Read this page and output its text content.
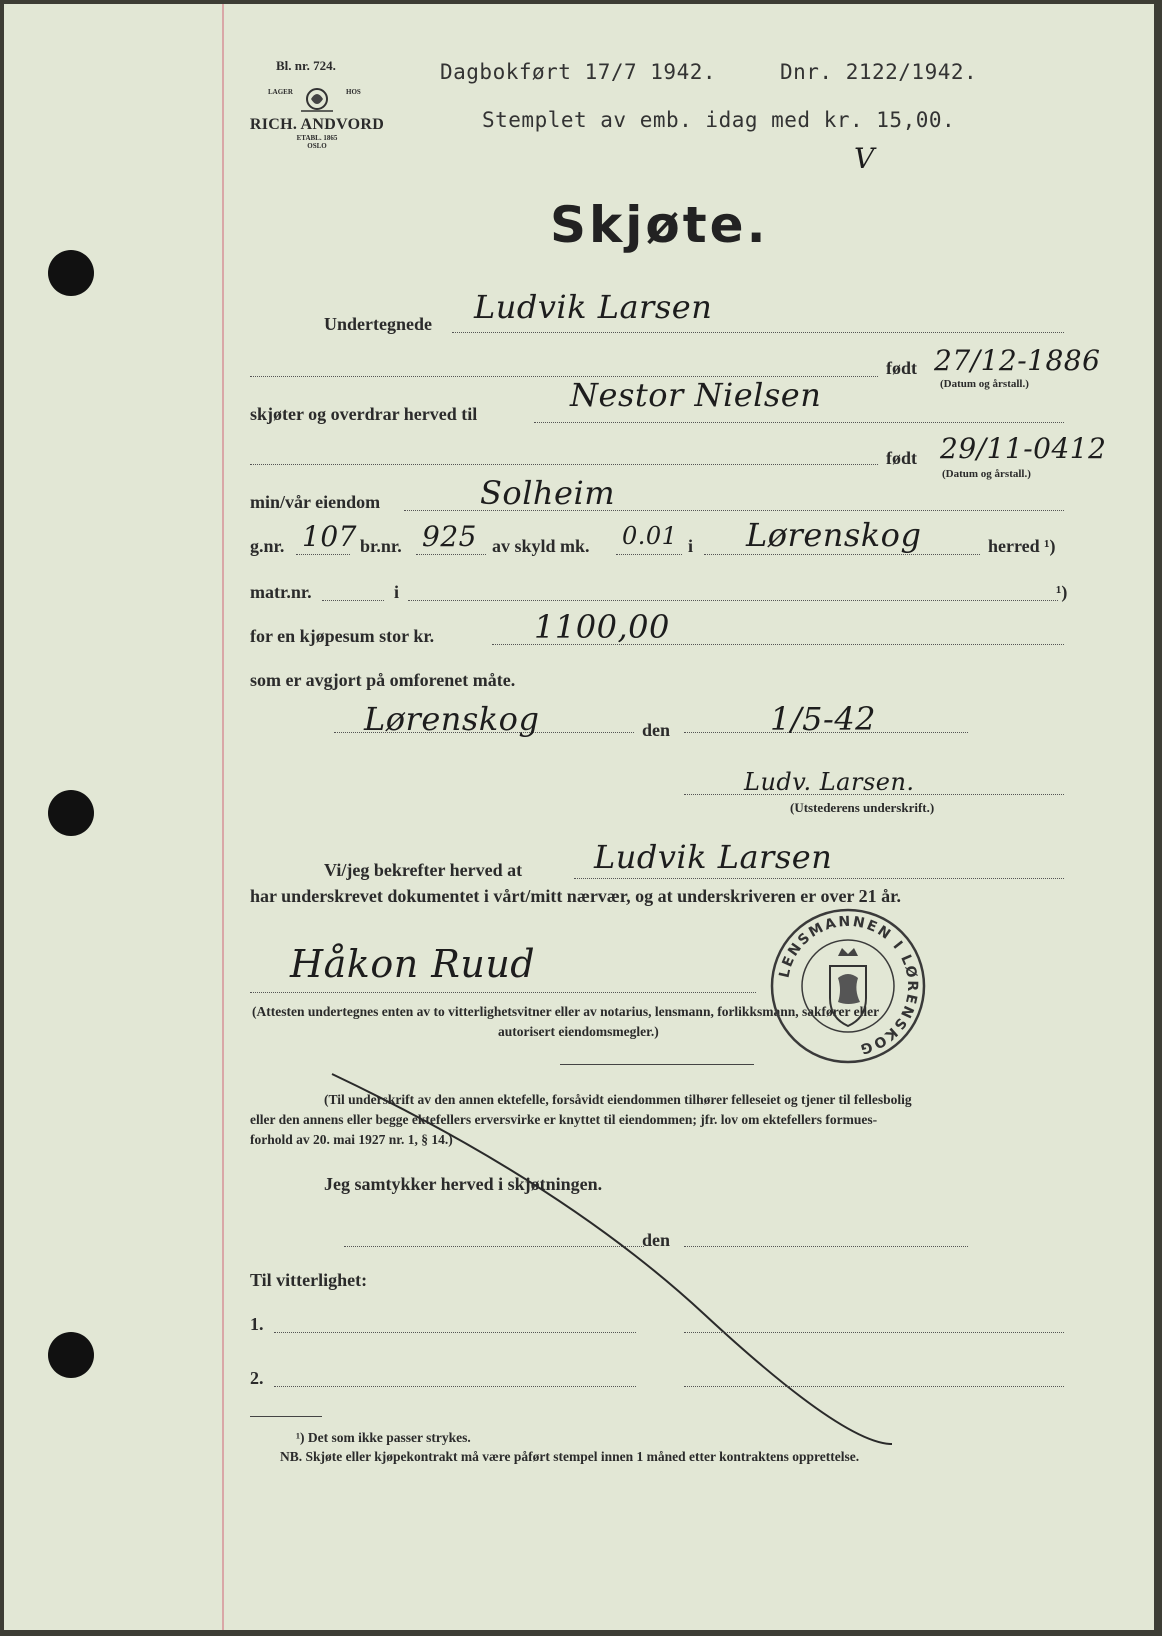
Bl. nr. 724.
LAGER	HOS
RICH. ANDVORD
ETABL. 1865
OSLO
Dagbokført 17/7 1942.	Dnr. 2122/1942.
Stemplet av emb. idag med kr. 15,00.
V
Skjøte.
Undertegnede Ludvik Larsen
født 27/12-1886
(Datum og årstall.)
skjøter og overdrar herved til	Nestor Nielsen
født 29/11-0412
(Datum og årstall.)
min/vår eiendom	Solheim
g.nr. 107 br.nr. 925 av skyld mk. 0.01 i Lørenskog	herred ¹)
matr.nr.	i	¹)
for en kjøpesum stor kr.	1100,00
som er avgjort på omforenet måte.
Lørenskog	den	1/5-42
Ludv. Larsen.
(Utstederens underskrift.)
Vi/jeg bekrefter herved at Ludvik Larsen
har underskrevet dokumentet i vårt/mitt nærvær, og at underskriveren er over 21 år.
Håkon Ruud
(Attesten undertegnes enten av to vitterlighetsvitner eller av notarius, lensmann, forlikksmann, sakfører eller
autorisert eiendomsmegler.)
LENSMANNEN I LØRENSKOG
(Til underskrift av den annen ektefelle, forsåvidt eiendommen tilhører felleseiet og tjener til fellesbolig
eller den annens eller begge ektefellers erversvirke er knyttet til eiendommen; jfr. lov om ektefellers formues-
forhold av 20. mai 1927 nr. 1, § 14.)
Jeg samtykker herved i skjøtningen.
den
Til vitterlighet:
1.
2.
¹) Det som ikke passer strykes.
NB. Skjøte eller kjøpekontrakt må være påført stempel innen 1 måned etter kontraktens opprettelse.
